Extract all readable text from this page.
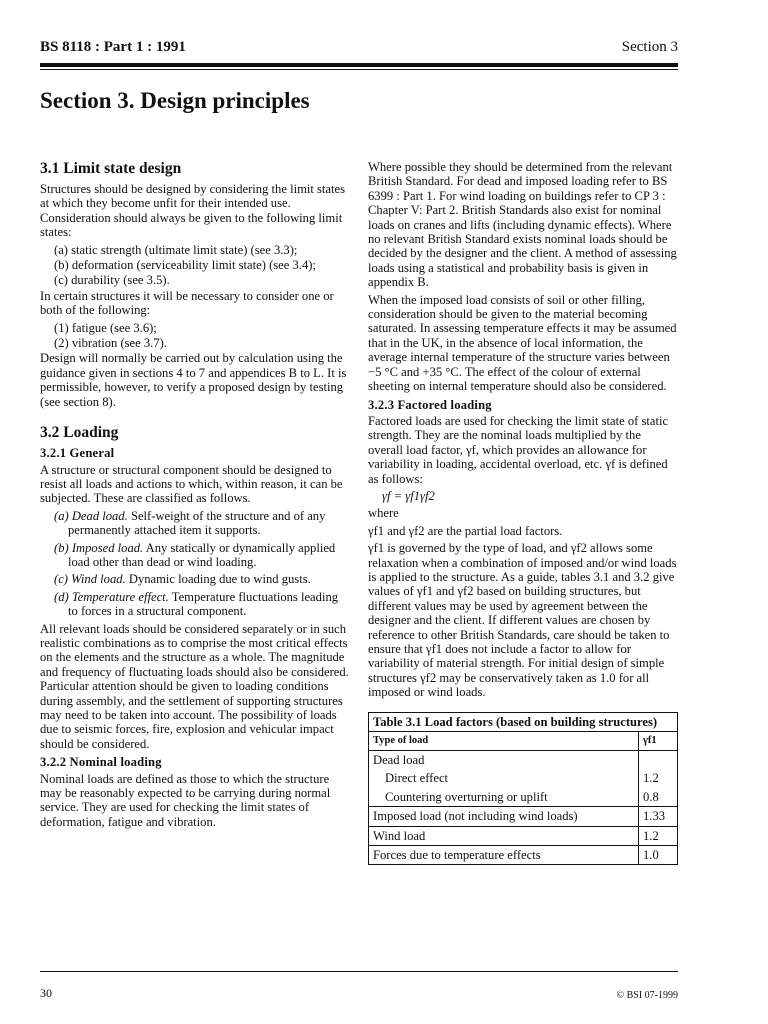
BS 8118 : Part 1 : 1991	Section 3
Section 3. Design principles
3.1 Limit state design

Structures should be designed by considering the limit states at which they become unfit for their intended use. Consideration should always be given to the following limit states:

(a) static strength (ultimate limit state) (see 3.3);

(b) deformation (serviceability limit state) (see 3.4);

(c) durability (see 3.5).

In certain structures it will be necessary to consider one or both of the following:

(1) fatigue (see 3.6);

(2) vibration (see 3.7).

Design will normally be carried out by calculation using the guidance given in sections 4 to 7 and appendices B to L. It is permissible, however, to verify a proposed design by testing (see section 8).

3.2 Loading
3.2.1 General

A structure or structural component should be designed to resist all loads and actions to which, within reason, it can be subjected. These are classified as follows.

(a) Dead load. Self-weight of the structure and of any permanently attached item it supports.

(b) Imposed load. Any statically or dynamically applied load other than dead or wind loading.

(c) Wind load. Dynamic loading due to wind gusts.

(d) Temperature effect. Temperature fluctuations leading to forces in a structural component.

All relevant loads should be considered separately or in such realistic combinations as to comprise the most critical effects on the elements and the structure as a whole. The magnitude and frequency of fluctuating loads should also be considered. Particular attention should be given to loading conditions during assembly, and the settlement of supporting structures may need to be taken into account. The possibility of loads due to seismic forces, fire, explosion and vehicular impact should be considered.

3.2.2 Nominal loading

Nominal loads are defined as those to which the structure may be reasonably expected to be carrying during normal service. They are used for checking the limit states of deformation, fatigue and vibration.

Where possible they should be determined from the relevant British Standard. For dead and imposed loading refer to BS 6399 : Part 1. For wind loading on buildings refer to CP 3 : Chapter V: Part 2. British Standards also exist for nominal loads on cranes and lifts (including dynamic effects). Where no relevant British Standard exists nominal loads should be decided by the designer and the client. A method of assessing loads using a statistical and probability basis is given in appendix B.

When the imposed load consists of soil or other filling, consideration should be given to the material becoming saturated. In assessing temperature effects it may be assumed that in the UK, in the absence of local information, the average internal temperature of the structure varies between −5 °C and +35 °C. The effect of the colour of external sheeting on internal temperature should also be considered.

3.2.3 Factored loading

Factored loads are used for checking the limit state of static strength. They are the nominal loads multiplied by the overall load factor, γf, which provides an allowance for variability in loading, accidental overload, etc. γf is defined as follows:

γf = γf1γf2

where

γf1 and γf2 are the partial load factors.

γf1 is governed by the type of load, and γf2 allows some relaxation when a combination of imposed and/or wind loads is applied to the structure. As a guide, tables 3.1 and 3.2 give values of γf1 and γf2 based on building structures, but different values may be used by agreement between the designer and the client. If different values are chosen by reference to other British Standards, care should be taken to ensure that γf1 does not include a factor to allow for variability of material strength. For initial design of simple structures γf2 may be conservatively taken as 1.0 for all imposed or wind loads.

Table 3.1 Load factors (based on building structures)	
Type of load	γf1
Dead load	
Direct effect	1.2
Countering overturning or uplift	0.8
Imposed load (not including wind loads)	1.33
Wind load	1.2
Forces due to temperature effects	1.0
30	© BSI 07-1999
